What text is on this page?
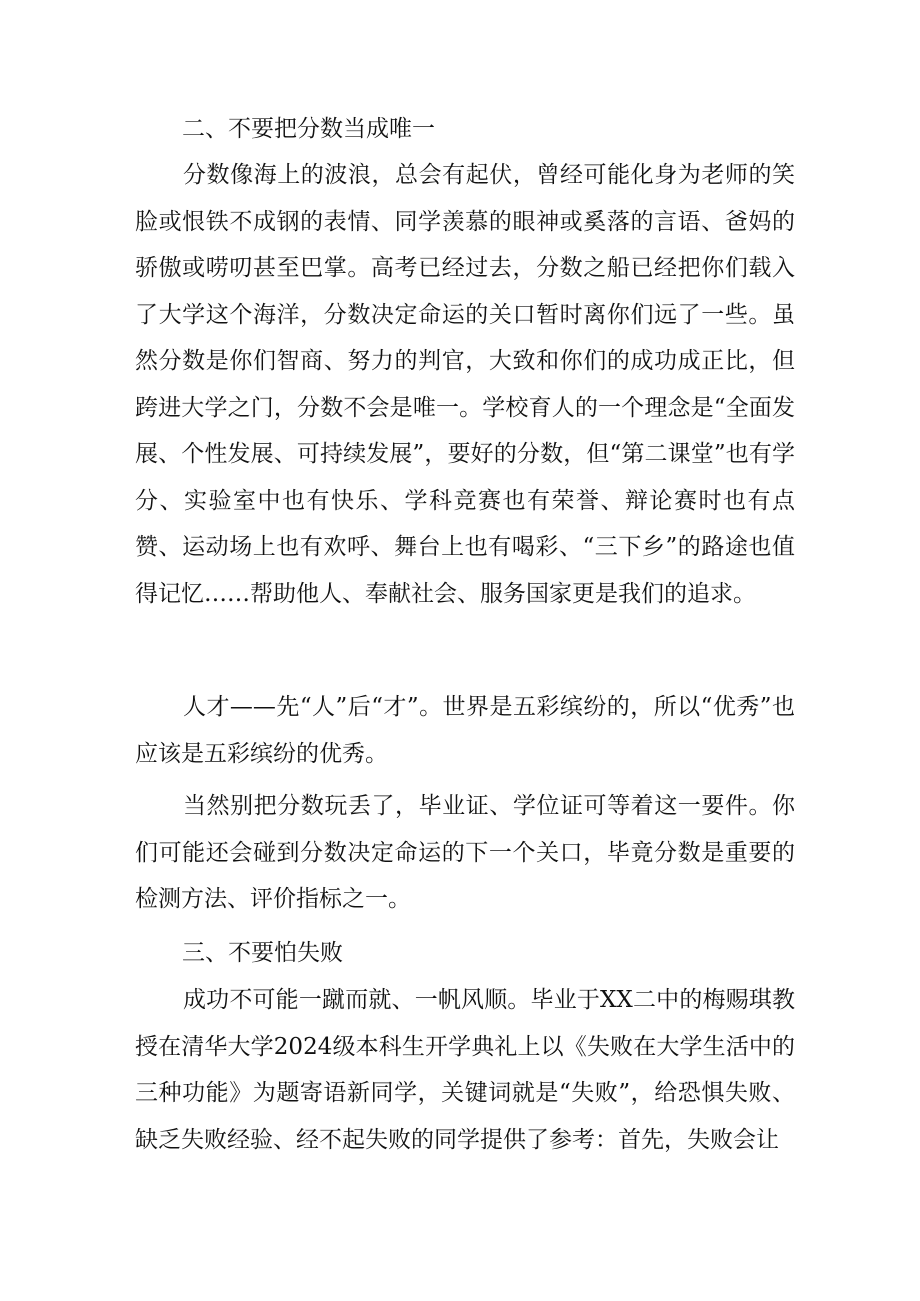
二、不要把分数当成唯一

分数像海上的波浪，总会有起伏，曾经可能化身为老师的笑脸或恨铁不成钢的表情、同学羡慕的眼神或奚落的言语、爸妈的骄傲或唠叨甚至巴掌。高考已经过去，分数之船已经把你们载入了大学这个海洋，分数决定命运的关口暂时离你们远了一些。虽然分数是你们智商、努力的判官，大致和你们的成功成正比，但跨进大学之门，分数不会是唯一。学校育人的一个理念是“全面发展、个性发展、可持续发展”，要好的分数，但“第二课堂”也有学分、实验室中也有快乐、学科竞赛也有荣誉、辩论赛时也有点赞、运动场上也有欢呼、舞台上也有喝彩、“三下乡”的路途也值得记忆……帮助他人、奉献社会、服务国家更是我们的追求。

人才——先“人”后“才”。世界是五彩缤纷的，所以“优秀”也应该是五彩缤纷的优秀。

当然别把分数玩丢了，毕业证、学位证可等着这一要件。你们可能还会碰到分数决定命运的下一个关口，毕竟分数是重要的检测方法、评价指标之一。

三、不要怕失败

成功不可能一蹴而就、一帆风顺。毕业于XX二中的梅赐琪教授在清华大学2024级本科生开学典礼上以《失败在大学生活中的三种功能》为题寄语新同学，关键词就是“失败”，给恐惧失败、缺乏失败经验、经不起失败的同学提供了参考：首先，失败会让
